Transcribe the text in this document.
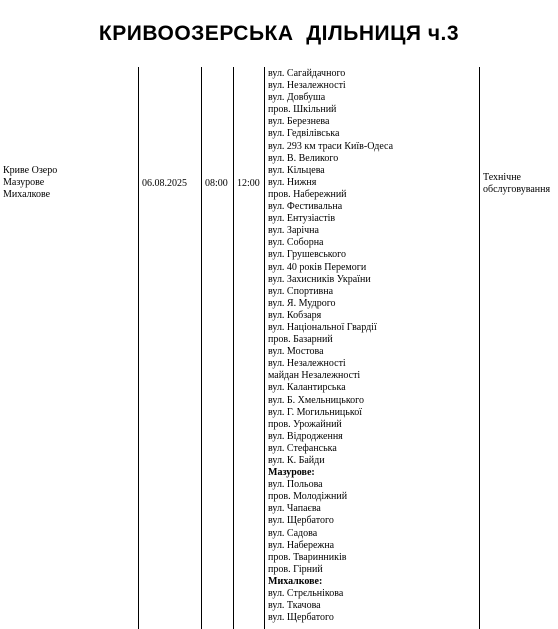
КРИВООЗЕРСЬКА  ДІЛЬНИЦЯ ч.3
Криве Озеро
Мазурове
Михалкове
06.08.2025 08:00 12:00
вул. Сагайдачного
вул. Незалежності
вул. Довбуша
пров. Шкільний
вул. Березнева
вул. Гедвілівська
вул. 293 км траси Київ-Одеса
вул. В. Великого
вул. Кільцева
вул. Нижня
пров. Набережний
вул. Фестивальна
вул. Ентузіастів
вул. Зарічна
вул. Соборна
вул. Грушевського
вул. 40 років Перемоги
вул. Захисників України
вул. Спортивна
вул. Я. Мудрого
вул. Кобзаря
вул. Національної Гвардії
пров. Базарний
вул. Мостова
вул. Незалежності
майдан Незалежності
вул. Калантирська
вул. Б. Хмельницького
вул. Г. Могильницької
пров. Урожайний
вул. Відродження
вул. Стефанська
вул. К. Байди
Мазурове:
вул. Польова
пров. Молодіжний
вул. Чапаєва
вул. Щербатого
вул. Садова
вул. Набережна
пров. Тваринників
пров. Гірний
Михалкове:
вул. Стрєльнікова
вул. Ткачова
вул. Щербатого
Технічне
обслуговування
